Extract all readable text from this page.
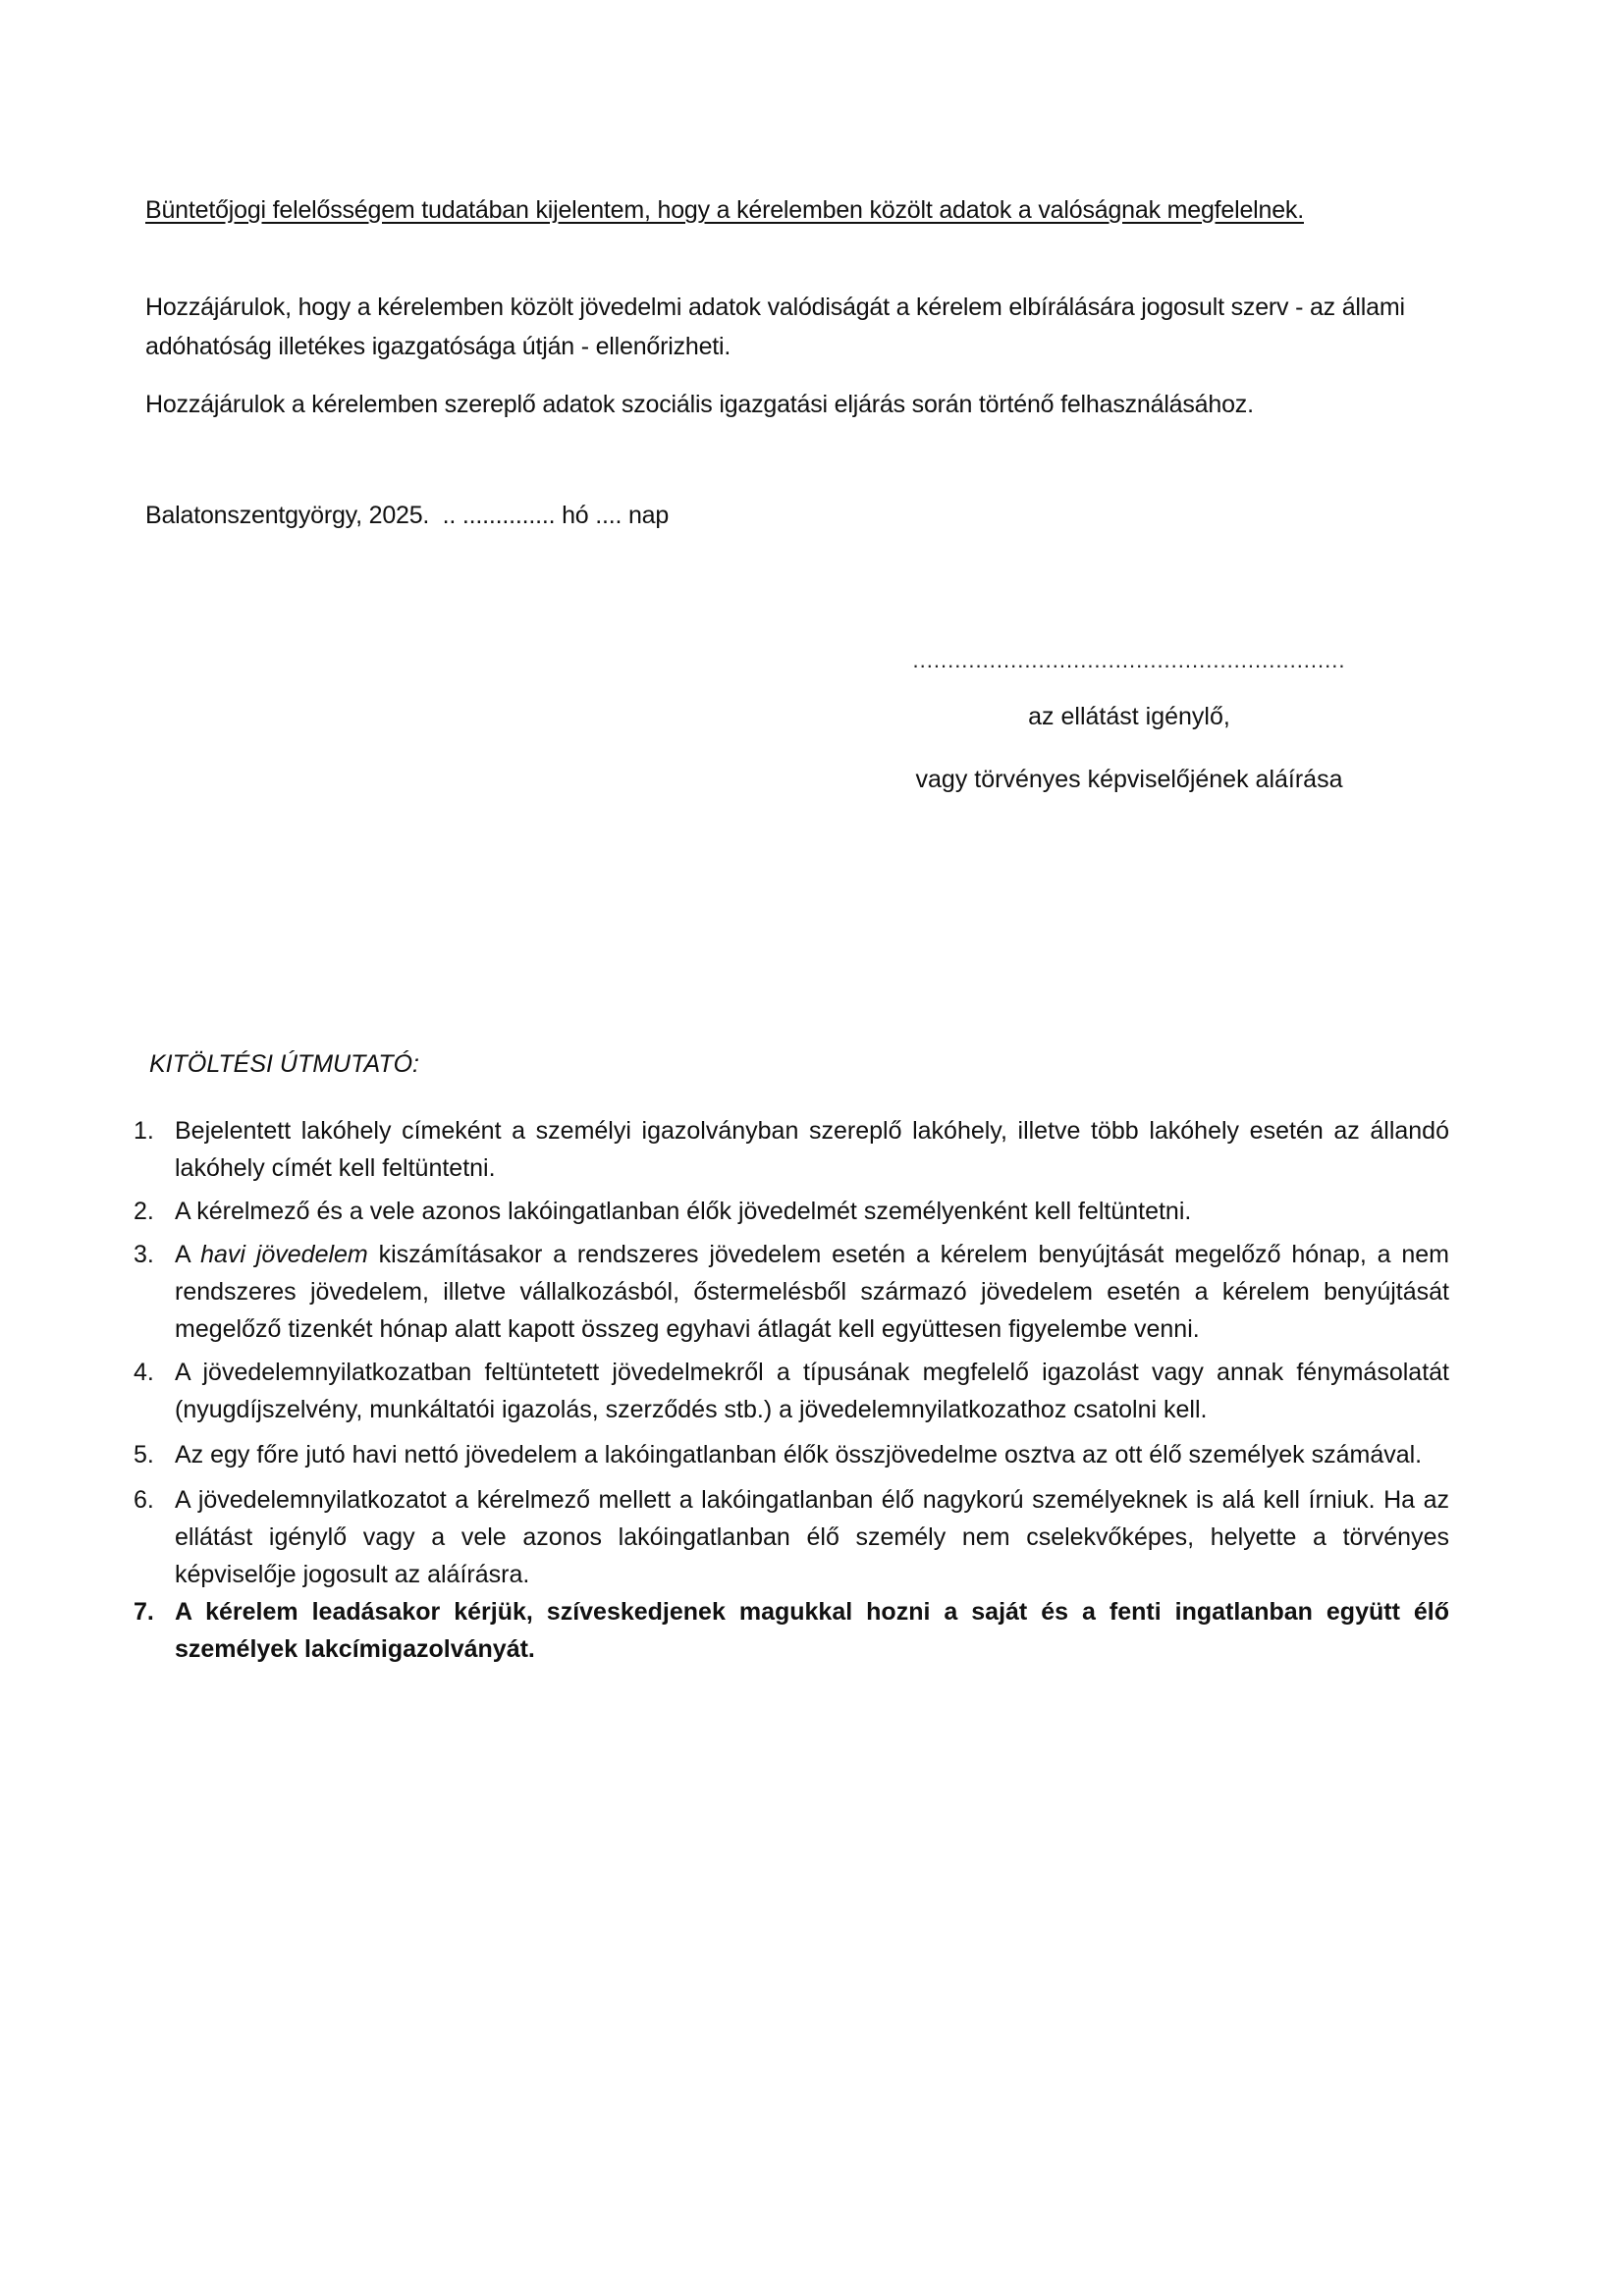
Büntetőjogi felelősségem tudatában kijelentem, hogy a kérelemben közölt adatok a valóságnak megfelelnek.
Hozzájárulok, hogy a kérelemben közölt jövedelmi adatok valódiságát a kérelem elbírálására jogosult szerv - az állami adóhatóság illetékes igazgatósága útján - ellenőrizheti.
Hozzájárulok a kérelemben szereplő adatok szociális igazgatási eljárás során történő felhasználásához.
Balatonszentgyörgy, 2025.  .. .............. hó .... nap
..............................................................
az ellátást igénylő,
vagy törvényes képviselőjének aláírása
KITÖLTÉSI ÚTMUTATÓ:
1. Bejelentett lakóhely címeként a személyi igazolványban szereplő lakóhely, illetve több lakóhely esetén az állandó lakóhely címét kell feltüntetni.
2. A kérelmező és a vele azonos lakóingatlanban élők jövedelmét személyenként kell feltüntetni.
3. A havi jövedelem kiszámításakor a rendszeres jövedelem esetén a kérelem benyújtását megelőző hónap, a nem rendszeres jövedelem, illetve vállalkozásból, őstermelésből származó jövedelem esetén a kérelem benyújtását megelőző tizenkét hónap alatt kapott összeg egyhavi átlagát kell együttesen figyelembe venni.
4. A jövedelemnyilatkozatban feltüntetett jövedelmekről a típusának megfelelő igazolást vagy annak fénymásolatát (nyugdíjszelvény, munkáltatói igazolás, szerződés stb.) a jövedelemnyilatkozathoz csatolni kell.
5. Az egy főre jutó havi nettó jövedelem a lakóingatlanban élők összjövedelme osztva az ott élő személyek számával.
6. A jövedelemnyilatkozatot a kérelmező mellett a lakóingatlanban élő nagykorú személyeknek is alá kell írniuk. Ha az ellátást igénylő vagy a vele azonos lakóingatlanban élő személy nem cselekvőképes, helyette a törvényes képviselője jogosult az aláírásra.
7. A kérelem leadásakor kérjük, szíveskedjenek magukkal hozni a saját és a fenti ingatlanban együtt élő személyek lakcímigazolványát.
